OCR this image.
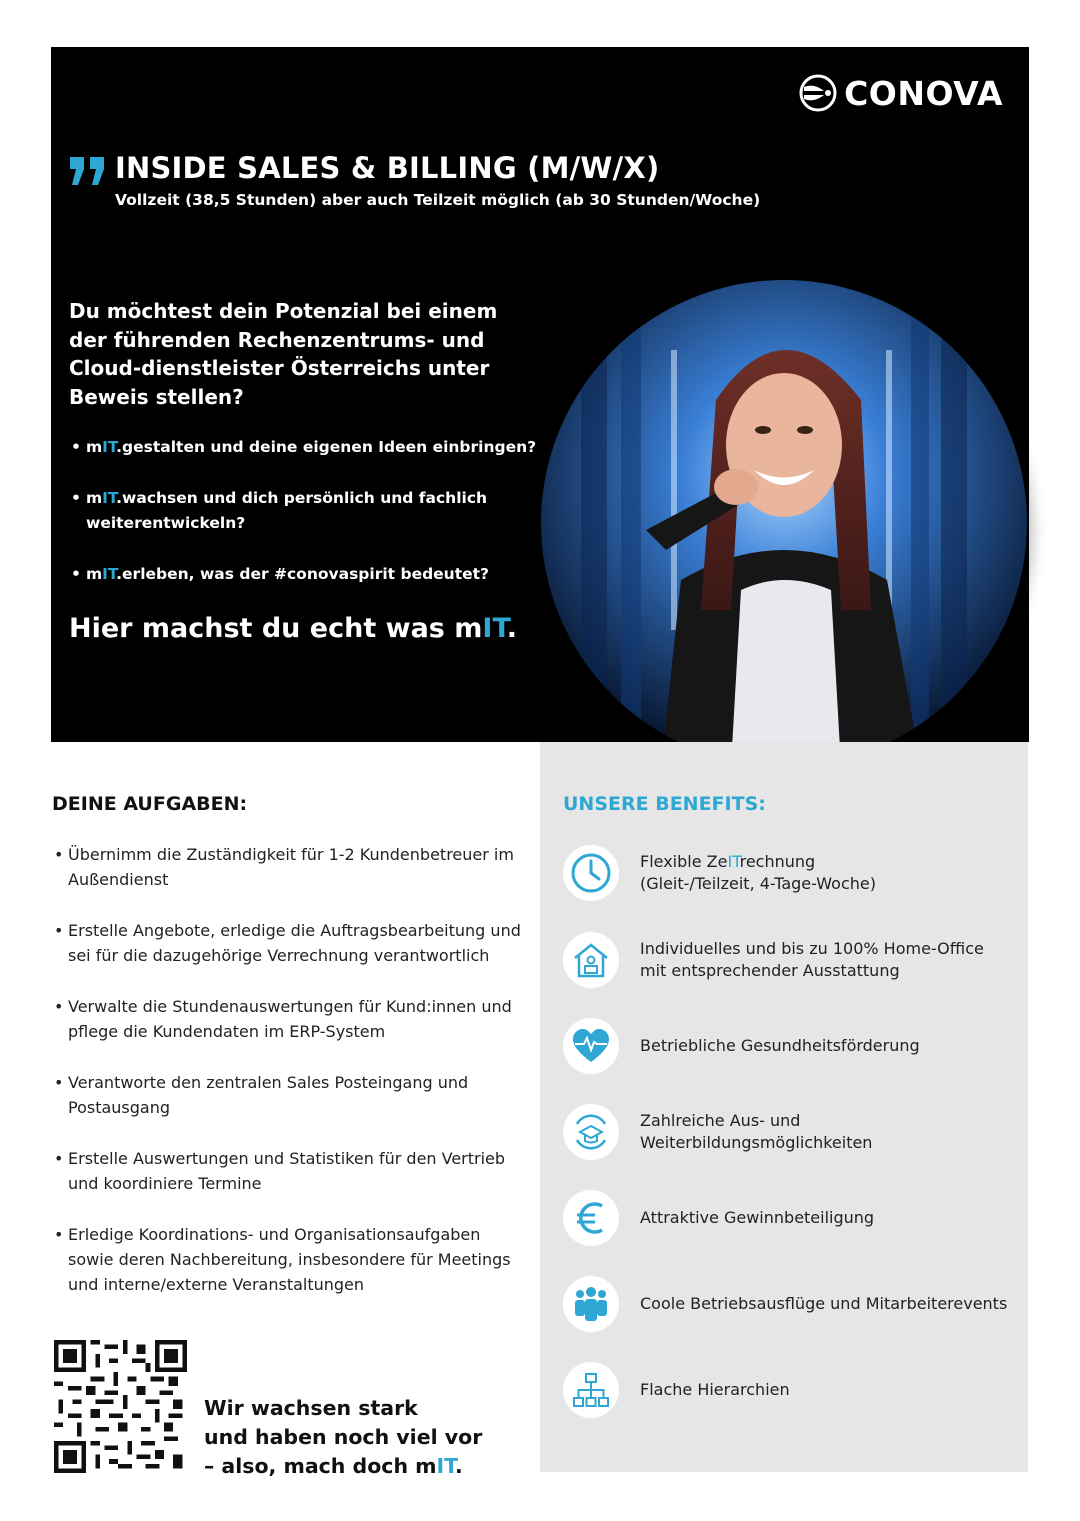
CONOVA
INSIDE SALES & BILLING (M/W/X)
Vollzeit (38,5 Stunden) aber auch Teilzeit möglich (ab 30 Stunden/Woche)
Du möchtest dein Potenzial bei einem der führenden Rechenzentrums- und Cloud-dienstleister Österreichs unter Beweis stellen?
• mIT.gestalten und deine eigenen Ideen einbringen?
• mIT.wachsen und dich persönlich und fachlich weiterentwickeln?
• mIT.erleben, was der #conovaspirit bedeutet?
Hier machst du echt was mIT.
DEINE AUFGABEN:
• Übernimm die Zuständigkeit für 1-2 Kundenbetreuer im Außendienst
• Erstelle Angebote, erledige die Auftragsbearbeitung und sei für die dazugehörige Verrechnung verantwortlich
• Verwalte die Stundenauswertungen für Kund:innen und pflege die Kundendaten im ERP-System
• Verantworte den zentralen Sales Posteingang und Postausgang
• Erstelle Auswertungen und Statistiken für den Vertrieb und koordiniere Termine
• Erledige Koordinations- und Organisationsaufgaben sowie deren Nachbereitung, insbesondere für Meetings und interne/externe Veranstaltungen
UNSERE BENEFITS:
Flexible ZeITrechnung
(Gleit-/Teilzeit, 4-Tage-Woche)
Individuelles und bis zu 100% Home-Office
mit entsprechender Ausstattung
Betriebliche Gesundheitsförderung
Zahlreiche Aus- und
Weiterbildungsmöglichkeiten
Attraktive Gewinnbeteiligung
Coole Betriebsausflüge und Mitarbeiterevents
Flache Hierarchien
Wir wachsen stark
und haben noch viel vor
– also, mach doch mIT.
